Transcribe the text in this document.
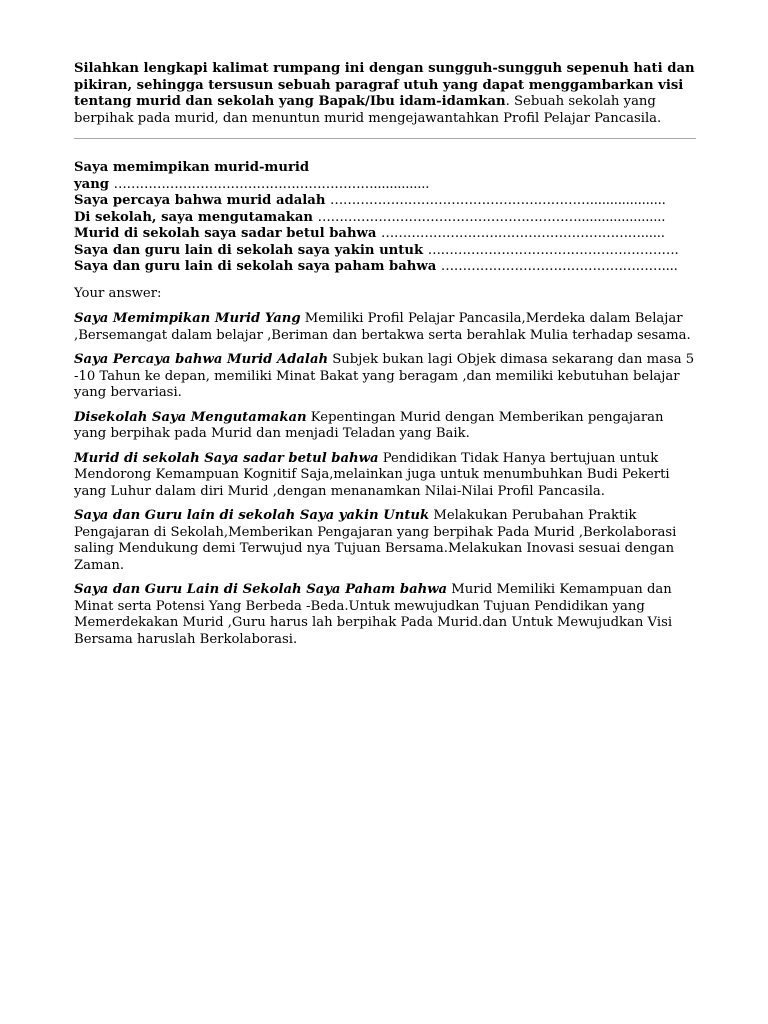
Silahkan lengkapi kalimat rumpang ini dengan sungguh-sungguh sepenuh hati dan pikiran, sehingga tersusun sebuah paragraf utuh yang dapat menggambarkan visi tentang murid dan sekolah yang Bapak/Ibu idam-idamkan. Sebuah sekolah yang berpihak pada murid, dan menuntun murid mengejawantahkan Profil Pelajar Pancasila.

Saya memimpikan murid-murid
yang ……………………………………………………..............
Saya percaya bahwa murid adalah ……………………………………………………...................
Di sekolah, saya mengutamakan ……………………………………………………......................
Murid di sekolah saya sadar betul bahwa ……………………………………………………......
Saya dan guru lain di sekolah saya yakin untuk ………………………………………………….
Saya dan guru lain di sekolah saya paham bahwa ……………………………………………....

Your answer:

Saya Memimpikan Murid Yang Memiliki Profil Pelajar Pancasila,Merdeka dalam Belajar ,Bersemangat dalam belajar ,Beriman dan bertakwa serta berahlak Mulia terhadap sesama.

Saya Percaya bahwa Murid Adalah Subjek bukan lagi Objek dimasa sekarang dan masa 5 -10 Tahun ke depan, memiliki Minat Bakat yang beragam ,dan memiliki kebutuhan belajar yang bervariasi.

Disekolah Saya Mengutamakan Kepentingan Murid dengan Memberikan pengajaran yang berpihak pada Murid dan menjadi Teladan yang Baik.

Murid di sekolah Saya sadar betul bahwa Pendidikan Tidak Hanya bertujuan untuk Mendorong Kemampuan Kognitif Saja,melainkan juga untuk menumbuhkan Budi Pekerti yang Luhur dalam diri Murid ,dengan menanamkan Nilai-Nilai Profil Pancasila.

Saya dan Guru lain di sekolah Saya yakin Untuk Melakukan Perubahan Praktik Pengajaran di Sekolah,Memberikan Pengajaran yang berpihak Pada Murid ,Berkolaborasi saling Mendukung demi Terwujud nya Tujuan Bersama.Melakukan Inovasi sesuai dengan Zaman.

Saya dan Guru Lain di Sekolah Saya Paham bahwa Murid Memiliki Kemampuan dan Minat serta Potensi Yang Berbeda -Beda.Untuk mewujudkan Tujuan Pendidikan yang Memerdekakan Murid ,Guru harus lah berpihak Pada Murid.dan Untuk Mewujudkan Visi Bersama haruslah Berkolaborasi.
